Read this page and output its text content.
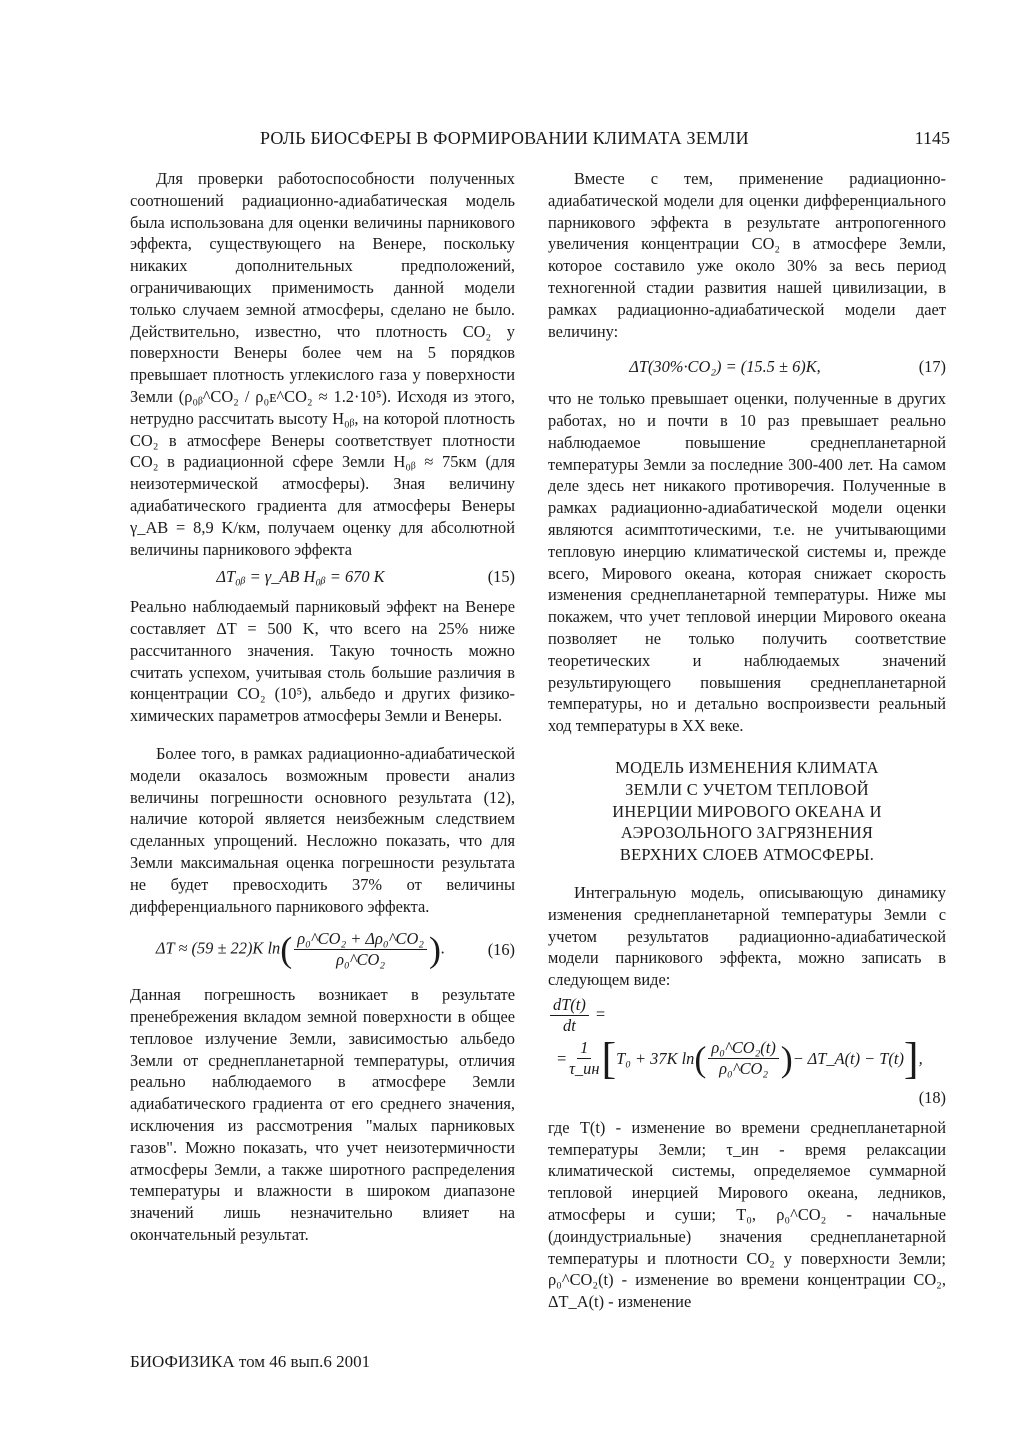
РОЛЬ БИОСФЕРЫ В ФОРМИРОВАНИИ КЛИМАТА ЗЕМЛИ	1145

Для проверки работоспособности полученных соотношений радиационно-адиабатическая модель была использована для оценки величины парникового эффекта, существующего на Венере, поскольку никаких дополнительных предположений, ограничивающих применимость данной модели только случаем земной атмосферы, сделано не было. Действительно, известно, что плотность CO₂ у поверхности Венеры более чем на 5 порядков превышает плотность углекислого газа у поверхности Земли (ρ₀ᵦ^CO₂ / ρ₀ᴇ^CO₂ ≈ 1.2·10⁵). Исходя из этого, нетрудно рассчитать высоту H₀ᵦ, на которой плотность CO₂ в атмосфере Венеры соответствует плотности CO₂ в радиационной сфере Земли H₀ᵦ ≈ 75км (для неизотермической атмосферы). Зная величину адиабатического градиента для атмосферы Венеры γ_AB = 8,9 K/км, получаем оценку для абсолютной величины парникового эффекта

ΔT₀ᵦ = γ_AB H₀ᵦ = 670 K	(15)

Реально наблюдаемый парниковый эффект на Венере составляет ΔT = 500 K, что всего на 25% ниже рассчитанного значения. Такую точность можно считать успехом, учитывая столь большие различия в концентрации CO₂ (10⁵), альбедо и других физико-химических параметров атмосферы Земли и Венеры.

Более того, в рамках радиационно-адиабатической модели оказалось возможным провести анализ величины погрешности основного результата (12), наличие которой является неизбежным следствием сделанных упрощений. Несложно показать, что для Земли максимальная оценка погрешности результата не будет превосходить 37% от величины дифференциального парникового эффекта.

ΔT ≈ (59 ± 22)K $\ln( \frac{\text{ρ₀\textasciicircum{}CO₂ + Δρ₀\textasciicircum{}CO₂}}{\text{ρ₀\textasciicircum{}CO₂}}$ ).	(16)

Данная погрешность возникает в результате пренебрежения вкладом земной поверхности в общее тепловое излучение Земли, зависимостью альбедо Земли от среднепланетарной температуры, отличия реально наблюдаемого в атмосфере Земли адиабатического градиента от его среднего значения, исключения из рассмотрения "малых парниковых газов". Можно показать, что учет неизотермичности атмосферы Земли, а также широтного распределения температуры и влажности в широком диапазоне значений лишь незначительно влияет на окончательный результат.

Вместе с тем, применение радиационно-адиабатической модели для оценки дифференциального парникового эффекта в результате антропогенного увеличения концентрации CO₂ в атмосфере Земли, которое составило уже около 30% за весь период техногенной стадии развития нашей цивилизации, в рамках радиационно-адиабатической модели дает величину:

ΔT(30%·CO₂) = (15.5 ± 6)K,	(17)

что не только превышает оценки, полученные в других работах, но и почти в 10 раз превышает реально наблюдаемое повышение среднепланетарной температуры Земли за последние 300-400 лет. На самом деле здесь нет никакого противоречия. Полученные в рамках радиационно-адиабатической модели оценки являются асимптотическими, т.е. не учитывающими тепловую инерцию климатической системы и, прежде всего, Мирового океана, которая снижает скорость изменения среднепланетарной температуры. Ниже мы покажем, что учет тепловой инерции Мирового океана позволяет не только получить соответствие теоретических и наблюдаемых значений результирующего повышения среднепланетарной температуры, но и детально воспроизвести реальный ход температуры в XX веке.

МОДЕЛЬ ИЗМЕНЕНИЯ КЛИМАТА
ЗЕМЛИ С УЧЕТОМ ТЕПЛОВОЙ
ИНЕРЦИИ МИРОВОГО ОКЕАНА И
АЭРОЗОЛЬНОГО ЗАГРЯЗНЕНИЯ
ВЕРХНИХ СЛОЕВ АТМОСФЕРЫ.

Интегральную модель, описывающую динамику изменения среднепланетарной температуры Земли с учетом результатов радиационно-адиабатической модели парникового эффекта, можно записать в следующем виде:

$\frac{dT(t)}{dt}$ =
= $\frac{1}{\tau\_ин}$ [ T₀ + 37K ln ( $\frac{\text{ρ₀\textasciicircum{}CO₂(t)}}{\text{ρ₀\textasciicircum{}CO₂}}$ ) − ΔT_A(t) − T(t) ] ,
(18)

где T(t) - изменение во времени среднепланетарной температуры Земли; τ_ин - время релаксации климатической системы, определяемое суммарной тепловой инерцией Мирового океана, ледников, атмосферы и суши; T₀, ρ₀^CO₂ - начальные (доиндустриальные) значения среднепланетарной температуры и плотности CO₂ у поверхности Земли; ρ₀^CO₂(t) - изменение во времени концентрации CO₂, ΔT_A(t) - изменение

БИОФИЗИКА том 46 вып.6 2001
